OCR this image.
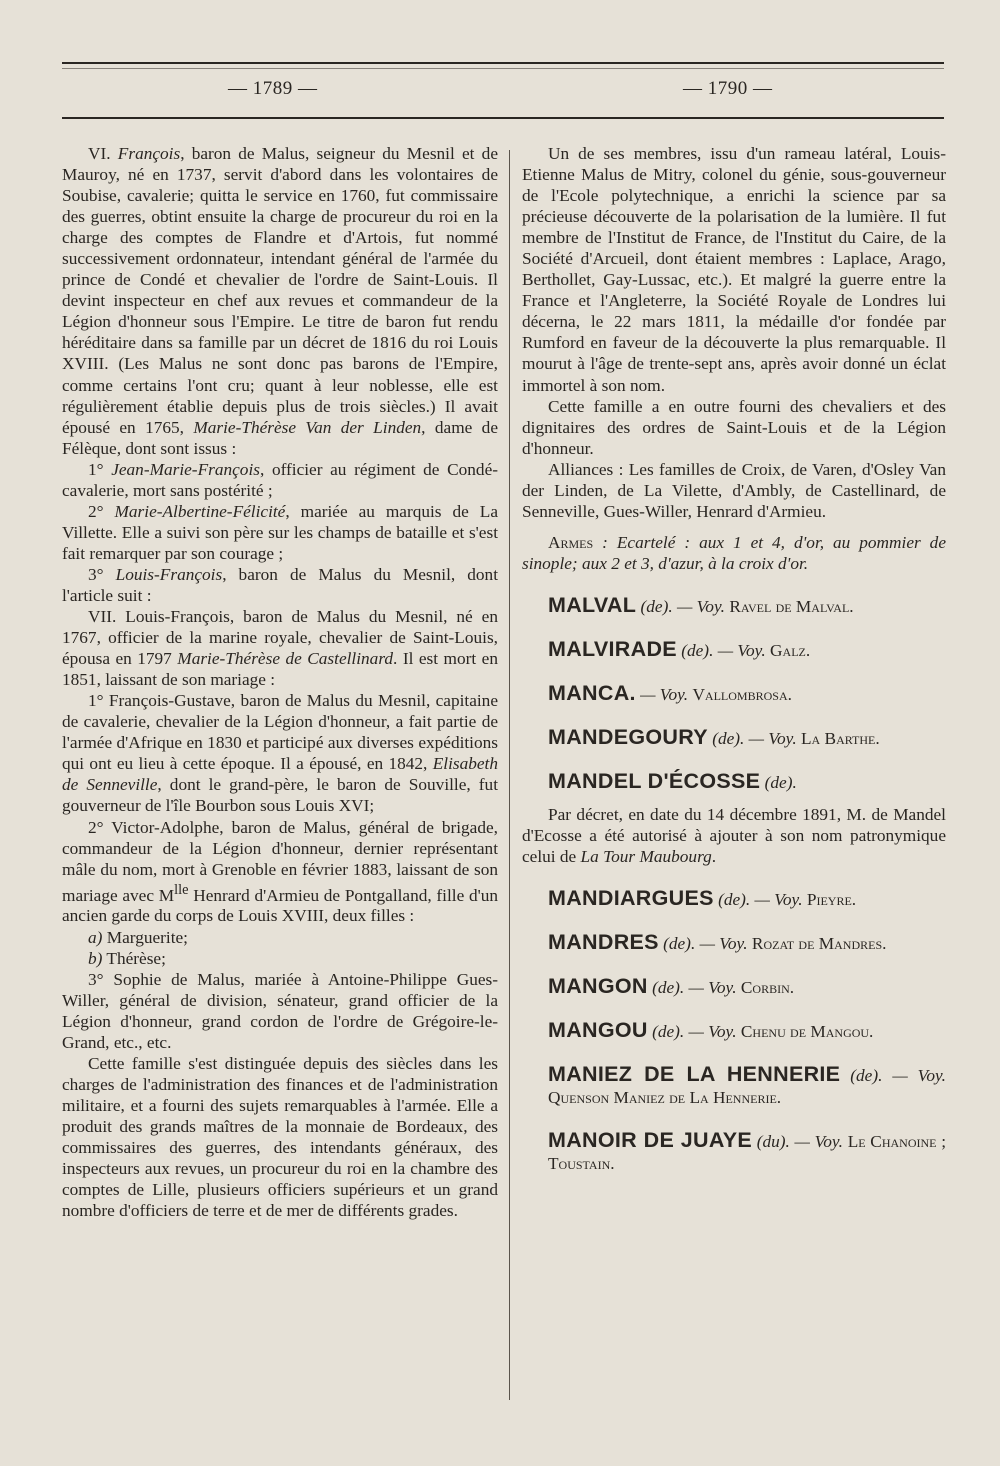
— 1789 —	— 1790 —

VI. François, baron de Malus, seigneur du Mesnil et de Mauroy, né en 1737, servit d'abord dans les volontaires de Soubise, cavalerie; quitta le service en 1760, fut commissaire des guerres, obtint ensuite la charge de procureur du roi en la charge des comptes de Flandre et d'Artois, fut nommé successivement ordonnateur, intendant général de l'armée du prince de Condé et chevalier de l'ordre de Saint-Louis. Il devint inspecteur en chef aux revues et commandeur de la Légion d'honneur sous l'Empire. Le titre de baron fut rendu héréditaire dans sa famille par un décret de 1816 du roi Louis XVIII. (Les Malus ne sont donc pas barons de l'Empire, comme certains l'ont cru; quant à leur noblesse, elle est régulièrement établie depuis plus de trois siècles.) Il avait épousé en 1765, Marie-Thérèse Van der Linden, dame de Félèque, dont sont issus :

1° Jean-Marie-François, officier au régiment de Condé-cavalerie, mort sans postérité ;

2° Marie-Albertine-Félicité, mariée au marquis de La Villette. Elle a suivi son père sur les champs de bataille et s'est fait remarquer par son courage ;

3° Louis-François, baron de Malus du Mesnil, dont l'article suit :

VII. Louis-François, baron de Malus du Mesnil, né en 1767, officier de la marine royale, chevalier de Saint-Louis, épousa en 1797 Marie-Thérèse de Castellinard. Il est mort en 1851, laissant de son mariage :

1° François-Gustave, baron de Malus du Mesnil, capitaine de cavalerie, chevalier de la Légion d'honneur, a fait partie de l'armée d'Afrique en 1830 et participé aux diverses expéditions qui ont eu lieu à cette époque. Il a épousé, en 1842, Elisabeth de Senneville, dont le grand-père, le baron de Souville, fut gouverneur de l'île Bourbon sous Louis XVI;

2° Victor-Adolphe, baron de Malus, général de brigade, commandeur de la Légion d'honneur, dernier représentant mâle du nom, mort à Grenoble en février 1883, laissant de son mariage avec $M^{lle}$ Henrard d'Armieu de Pontgalland, fille d'un ancien garde du corps de Louis XVIII, deux filles :

a) Marguerite;

b) Thérèse;

3° Sophie de Malus, mariée à Antoine-Philippe Gues-Willer, général de division, sénateur, grand officier de la Légion d'honneur, grand cordon de l'ordre de Grégoire-le-Grand, etc., etc.

Cette famille s'est distinguée depuis des siècles dans les charges de l'administration des finances et de l'administration militaire, et a fourni des sujets remarquables à l'armée. Elle a produit des grands maîtres de la monnaie de Bordeaux, des commissaires des guerres, des intendants généraux, des inspecteurs aux revues, un procureur du roi en la chambre des comptes de Lille, plusieurs officiers supérieurs et un grand nombre d'officiers de terre et de mer de différents grades.

Un de ses membres, issu d'un rameau latéral, Louis-Etienne Malus de Mitry, colonel du génie, sous-gouverneur de l'Ecole polytechnique, a enrichi la science par sa précieuse découverte de la polarisation de la lumière. Il fut membre de l'Institut de France, de l'Institut du Caire, de la Société d'Arcueil, dont étaient membres : Laplace, Arago, Berthollet, Gay-Lussac, etc.). Et malgré la guerre entre la France et l'Angleterre, la Société Royale de Londres lui décerna, le 22 mars 1811, la médaille d'or fondée par Rumford en faveur de la découverte la plus remarquable. Il mourut à l'âge de trente-sept ans, après avoir donné un éclat immortel à son nom.

Cette famille a en outre fourni des chevaliers et des dignitaires des ordres de Saint-Louis et de la Légion d'honneur.

Alliances : Les familles de Croix, de Varen, d'Osley Van der Linden, de La Vilette, d'Ambly, de Castellinard, de Senneville, Gues-Willer, Henrard d'Armieu.

Armes : Ecartelé : aux 1 et 4, d'or, au pommier de sinople; aux 2 et 3, d'azur, à la croix d'or.

MALVAL (de). — Voy. Ravel de Malval.

MALVIRADE (de). — Voy. Galz.

MANCA. — Voy. Vallombrosa.

MANDEGOURY (de). — Voy. La Barthe.

MANDEL D'ÉCOSSE (de).

Par décret, en date du 14 décembre 1891, M. de Mandel d'Ecosse a été autorisé à ajouter à son nom patronymique celui de La Tour Maubourg.

MANDIARGUES (de). — Voy. Pieyre.

MANDRES (de). — Voy. Rozat de Mandres.

MANGON (de). — Voy. Corbin.

MANGOU (de). — Voy. Chenu de Mangou.

MANIEZ DE LA HENNERIE (de). — Voy. Quenson Maniez de La Hennerie.

MANOIR DE JUAYE (du). — Voy. Le Chanoine ; Toustain.
